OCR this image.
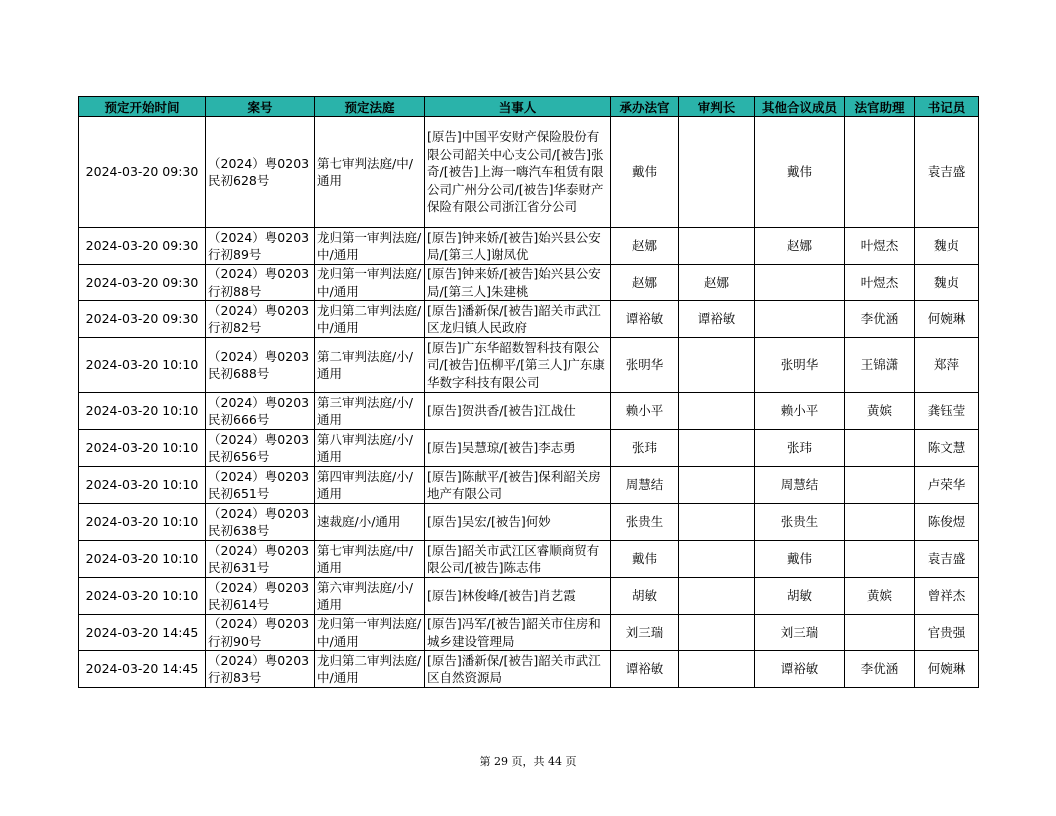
预定开始时间	案号	预定法庭	当事人	承办法官	审判长	其他合议成员	法官助理	书记员
2024-03-20 09:30	（2024）粤0203民初628号	第七审判法庭/中/通用	[原告]中国平安财产保险股份有限公司韶关中心支公司/[被告]张奇/[被告]上海一嗨汽车租赁有限公司广州分公司/[被告]华泰财产保险有限公司浙江省分公司	戴伟		戴伟		袁吉盛
2024-03-20 09:30	（2024）粤0203行初89号	龙归第一审判法庭/中/通用	[原告]钟来娇/[被告]始兴县公安局/[第三人]谢凤优	赵娜		赵娜	叶煜杰	魏贞
2024-03-20 09:30	（2024）粤0203行初88号	龙归第一审判法庭/中/通用	[原告]钟来娇/[被告]始兴县公安局/[第三人]朱建桃	赵娜	赵娜		叶煜杰	魏贞
2024-03-20 09:30	（2024）粤0203行初82号	龙归第二审判法庭/中/通用	[原告]潘新保/[被告]韶关市武江区龙归镇人民政府	谭裕敏	谭裕敏		李优涵	何婉琳
2024-03-20 10:10	（2024）粤0203民初688号	第二审判法庭/小/通用	[原告]广东华韶数智科技有限公司/[被告]伍柳平/[第三人]广东康华数字科技有限公司	张明华		张明华	王锦潇	郑萍
2024-03-20 10:10	（2024）粤0203民初666号	第三审判法庭/小/通用	[原告]贺洪香/[被告]江战仕	赖小平		赖小平	黄嫔	龚钰莹
2024-03-20 10:10	（2024）粤0203民初656号	第八审判法庭/小/通用	[原告]吴慧琼/[被告]李志勇	张玮		张玮		陈文慧
2024-03-20 10:10	（2024）粤0203民初651号	第四审判法庭/小/通用	[原告]陈献平/[被告]保利韶关房地产有限公司	周慧结		周慧结		卢荣华
2024-03-20 10:10	（2024）粤0203民初638号	速裁庭/小/通用	[原告]吴宏/[被告]何妙	张贵生		张贵生		陈俊煜
2024-03-20 10:10	（2024）粤0203民初631号	第七审判法庭/中/通用	[原告]韶关市武江区睿顺商贸有限公司/[被告]陈志伟	戴伟		戴伟		袁吉盛
2024-03-20 10:10	（2024）粤0203民初614号	第六审判法庭/小/通用	[原告]林俊峰/[被告]肖艺霞	胡敏		胡敏	黄嫔	曾祥杰
2024-03-20 14:45	（2024）粤0203行初90号	龙归第一审判法庭/中/通用	[原告]冯军/[被告]韶关市住房和城乡建设管理局	刘三瑞		刘三瑞		官贵强
2024-03-20 14:45	（2024）粤0203行初83号	龙归第二审判法庭/中/通用	[原告]潘新保/[被告]韶关市武江区自然资源局	谭裕敏		谭裕敏	李优涵	何婉琳
第 29 页，共 44 页
